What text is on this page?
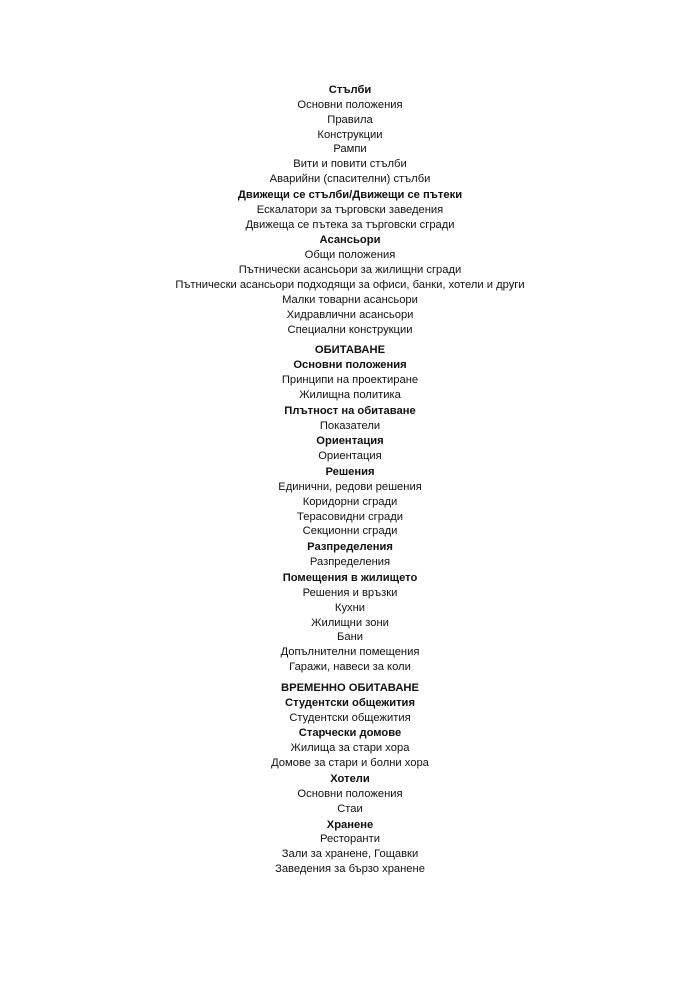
Стълби
Основни положения
Правила
Конструкции
Рампи
Вити и повити стълби
Аварийни (спасителни) стълби
Движещи се стълби/Движещи се пътеки
Ескалатори за търговски заведения
Движеща се пътека за търговски сгради
Асансьори
Общи положения
Пътнически асансьори за жилищни сгради
Пътнически асансьори подходящи за офиси, банки, хотели и други
Малки товарни асансьори
Хидравлични асансьори
Специални конструкции
ОБИТАВАНЕ
Основни положения
Принципи на проектиране
Жилищна политика
Плътност на обитаване
Показатели
Ориентация
Ориентация
Решения
Единични, редови решения
Коридорни сгради
Терасовидни сгради
Секционни сгради
Разпределения
Разпределения
Помещения в жилището
Решения и връзки
Кухни
Жилищни зони
Бани
Допълнителни помещения
Гаражи, навеси за коли
ВРЕМЕННО ОБИТАВАНЕ
Студентски общежития
Студентски общежития
Старчески домове
Жилища за стари хора
Домове за стари и болни хора
Хотели
Основни положения
Стаи
Хранене
Ресторанти
Зали за хранене, Гощавки
Заведения за бързо хранене
